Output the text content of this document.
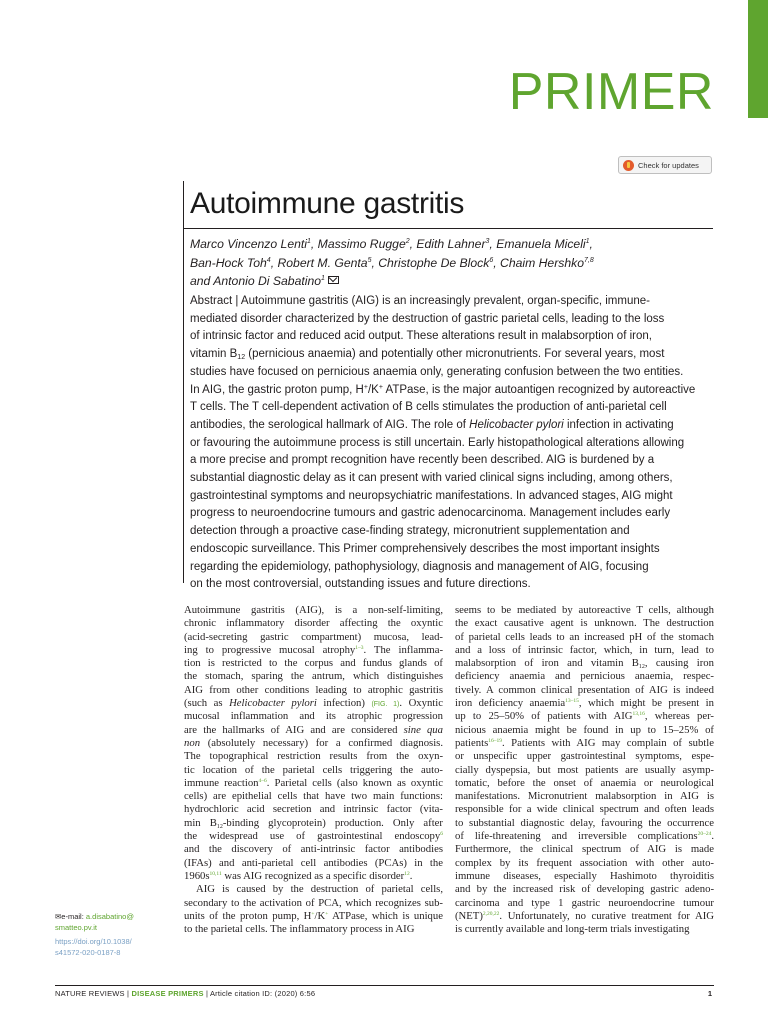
PRIMER
Check for updates
Autoimmune gastritis

Marco Vincenzo Lenti$^1$, Massimo Rugge$^2$, Edith Lahner$^3$, Emanuela Miceli$^1$,

Ban-Hock Toh$^4$, Robert M. Genta$^5$, Christophe De Block$^6$, Chaim Hershko$^{7,8}$

and Antonio Di Sabatino$^1$

Abstract | Autoimmune gastritis (AIG) is an increasingly prevalent, organ-specific, immune-
mediated disorder characterized by the destruction of gastric parietal cells, leading to the loss
of intrinsic factor and reduced acid output. These alterations result in malabsorption of iron,
vitamin $B_{12}$ (pernicious anaemia) and potentially other micronutrients. For several years, most
studies have focused on pernicious anaemia only, generating confusion between the two entities.
In AIG, the gastric proton pump, H+/K+ ATPase, is the major autoantigen recognized by autoreactive
T cells. The T cell-dependent activation of B cells stimulates the production of anti-parietal cell
antibodies, the serological hallmark of AIG. The role of Helicobacter pylori infection in activating
or favouring the autoimmune process is still uncertain. Early histopathological alterations allowing
a more precise and prompt recognition have recently been described. AIG is burdened by a
substantial diagnostic delay as it can present with varied clinical signs including, among others,
gastrointestinal symptoms and neuropsychiatric manifestations. In advanced stages, AIG might
progress to neuroendocrine tumours and gastric adenocarcinoma. Management includes early
detection through a proactive case-finding strategy, micronutrient supplementation and
endoscopic surveillance. This Primer comprehensively describes the most important insights
regarding the epidemiology, pathophysiology, diagnosis and management of AIG, focusing
on the most controversial, outstanding issues and future directions.
Autoimmune gastritis (AIG), is a non-self-limiting,
chronic inflammatory disorder affecting the oxyntic
(acid-secreting gastric compartment) mucosa, lead-
ing to progressive mucosal atrophy$^{1-3}$. The inflamma-
tion is restricted to the corpus and fundus glands of
the stomach, sparing the antrum, which distinguishes
AIG from other conditions leading to atrophic gastritis
(such as Helicobacter pylori infection) (FIG. 1). Oxyntic
mucosal inflammation and its atrophic progression
are the hallmarks of AIG and are considered sine qua
non (absolutely necessary) for a confirmed diagnosis.
The topographical restriction results from the oxyn-
tic location of the parietal cells triggering the auto-
immune reaction$^{4-6}$. Parietal cells (also known as oxyntic
cells) are epithelial cells that have two main functions:
hydrochloric acid secretion and intrinsic factor (vita-
$\min B_{12}$-binding glycoprotein) production. Only after
the widespread use of gastrointestinal endoscopy$^6$
and the discovery of anti-intrinsic factor antibodies
(IFAs) and anti-parietal cell antibodies (PCAs) in the
$1960s^{10,11}$ was AIG recognized as a specific disorder$^{12}$.
AIG is caused by the destruction of parietal cells,
secondary to the activation of PCA, which recognizes sub-
units of the proton pump, H+/K+ ATPase, which is unique
to the parietal cells. The inflammatory process in AIG
seems to be mediated by autoreactive T cells, although
the exact causative agent is unknown. The destruction
of parietal cells leads to an increased pH of the stomach
and a loss of intrinsic factor, which, in turn, lead to
malabsorption of iron and vitamin $B_{12}$, causing iron
deficiency anaemia and pernicious anaemia, respec-
tively. A common clinical presentation of AIG is indeed
iron deficiency anaemia$^{13-15}$, which might be present in
up to 25–50% of patients with AIG$^{13,16}$, whereas per-
nicious anaemia might be found in up to 15–25% of
patients$^{16-19}$. Patients with AIG may complain of subtle
or unspecific upper gastrointestinal symptoms, espe-
cially dyspepsia, but most patients are usually asymp-
tomatic, before the onset of anaemia or neurological
manifestations. Micronutrient malabsorption in AIG is
responsible for a wide clinical spectrum and often leads
to substantial diagnostic delay, favouring the occurrence
of life-threatening and irreversible complications$^{20-24}$.
Furthermore, the clinical spectrum of AIG is made
complex by its frequent association with other auto-
immune diseases, especially Hashimoto thyroiditis
and by the increased risk of developing gastric adeno-
carcinoma and type 1 gastric neuroendocrine tumour
(NET)$^{2,20,22}$. Unfortunately, no curative treatment for AIG
is currently available and long-term trials investigating
✉e-mail: a.disabatino@
smatteo.pv.it
https://doi.org/10.1038/
s41572-020-0187-8
NATURE REVIEWS | DISEASE PRIMERS | Article citation ID: (2020) 6:56	1
